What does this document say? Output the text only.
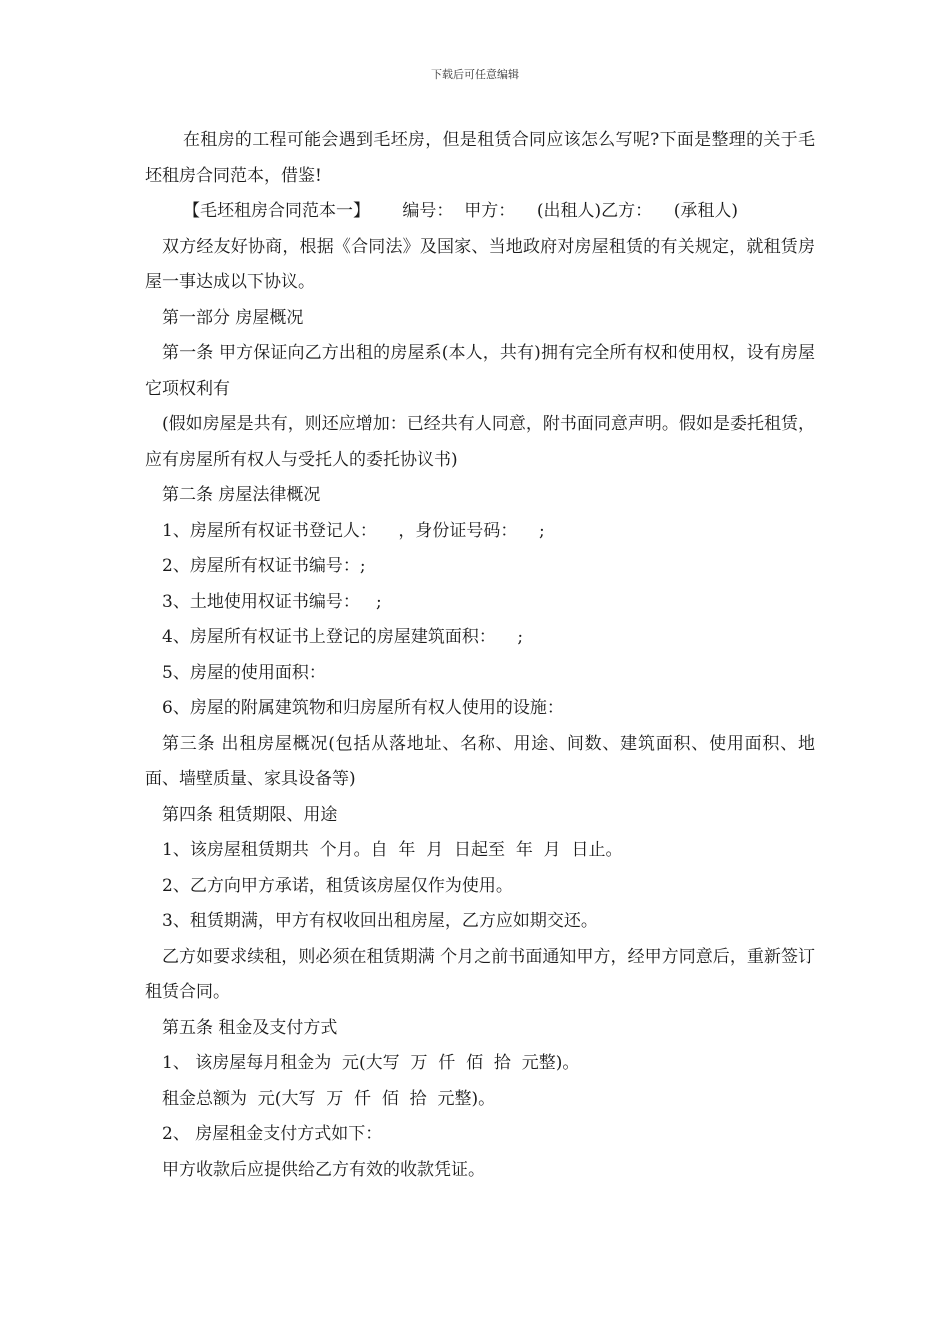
下载后可任意编辑

在租房的工程可能会遇到毛坯房，但是租赁合同应该怎么写呢?下面是整理的关于毛坯租房合同范本，借鉴!

【毛坯租房合同范本一】      编号：  甲方：    (出租人)乙方：    (承租人)

双方经友好协商，根据《合同法》及国家、当地政府对房屋租赁的有关规定，就租赁房屋一事达成以下协议。

第一部分 房屋概况

第一条 甲方保证向乙方出租的房屋系(本人，共有)拥有完全所有权和使用权，设有房屋它项权利有

(假如房屋是共有，则还应增加：已经共有人同意，附书面同意声明。假如是委托租赁，应有房屋所有权人与受托人的委托协议书)

第二条 房屋法律概况

1、房屋所有权证书登记人：    ，身份证号码：    ;

2、房屋所有权证书编号：;

3、土地使用权证书编号：   ;

4、房屋所有权证书上登记的房屋建筑面积：    ;

5、房屋的使用面积：

6、房屋的附属建筑物和归房屋所有权人使用的设施：

第三条 出租房屋概况(包括从落地址、名称、用途、间数、建筑面积、使用面积、地面、墙壁质量、家具设备等)

第四条 租赁期限、用途

1、该房屋租赁期共  个月。自  年  月  日起至  年  月  日止。

2、乙方向甲方承诺，租赁该房屋仅作为使用。

3、租赁期满，甲方有权收回出租房屋，乙方应如期交还。

乙方如要求续租，则必须在租赁期满 个月之前书面通知甲方，经甲方同意后，重新签订租赁合同。

第五条 租金及支付方式

1、 该房屋每月租金为  元(大写  万  仟  佰  拾  元整)。

租金总额为  元(大写  万  仟  佰  拾  元整)。

2、 房屋租金支付方式如下：

甲方收款后应提供给乙方有效的收款凭证。
